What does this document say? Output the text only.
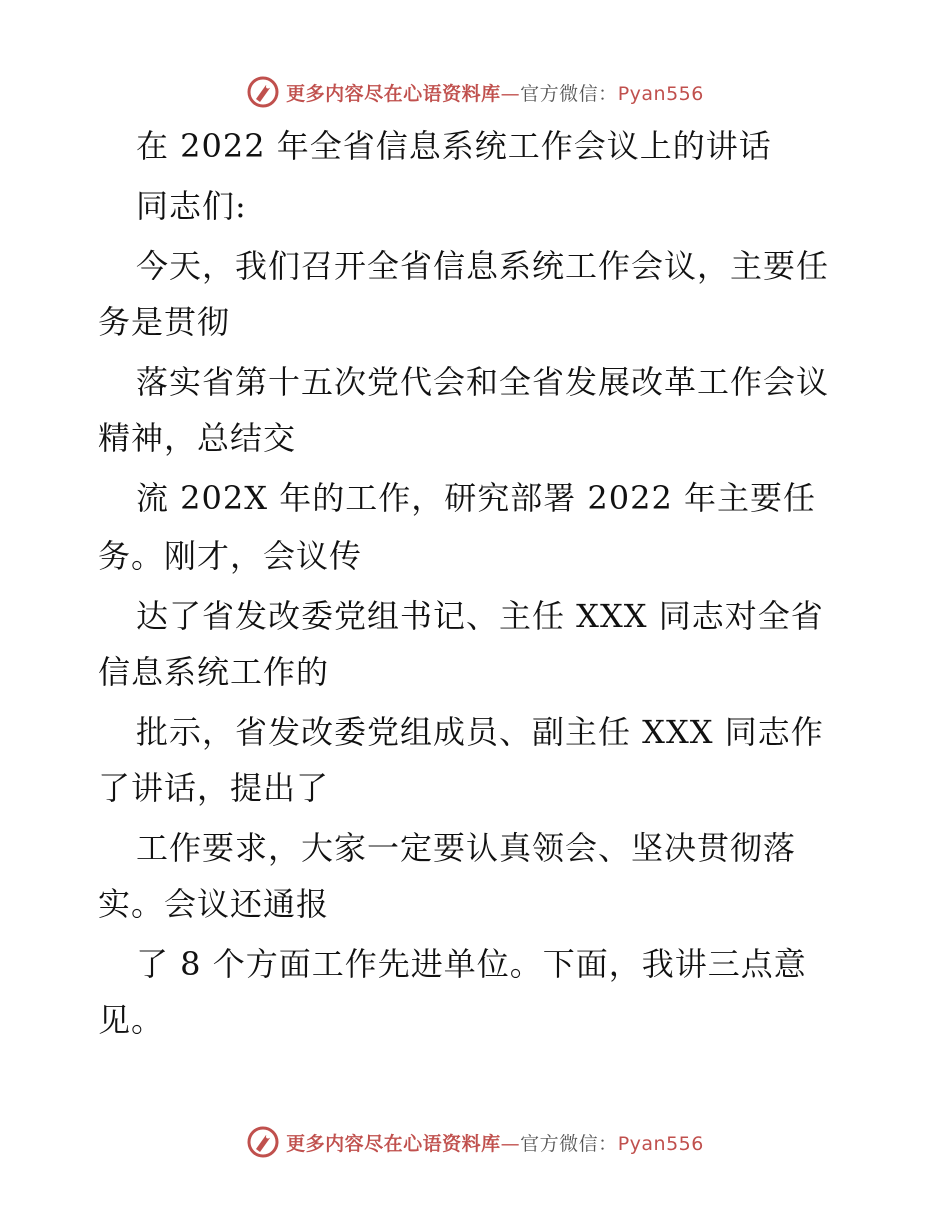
更多内容尽在心语资料库—官方微信：Pyan556
在 2022 年全省信息系统工作会议上的讲话
同志们:
今天，我们召开全省信息系统工作会议，主要任
务是贯彻
落实省第十五次党代会和全省发展改革工作会议
精神，总结交
流 202X 年的工作，研究部署 2022 年主要任
务。刚才，会议传
达了省发改委党组书记、主任 XXX 同志对全省
信息系统工作的
批示，省发改委党组成员、副主任 XXX 同志作
了讲话，提出了
工作要求，大家一定要认真领会、坚决贯彻落
实。会议还通报
了 8 个方面工作先进单位。下面，我讲三点意
见。
更多内容尽在心语资料库—官方微信：Pyan556
